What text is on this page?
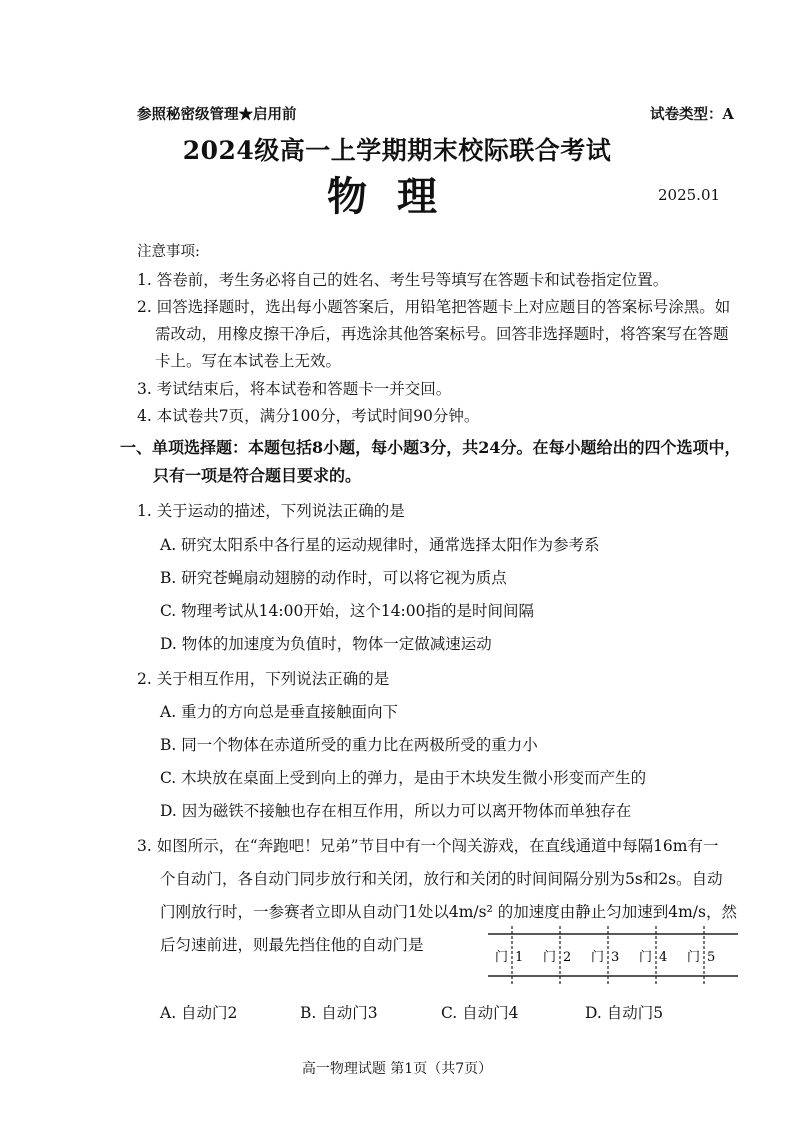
参照秘密级管理★启用前	试卷类型：A
2024级高一上学期期末校际联合考试
物理	2025.01
注意事项:
1. 答卷前，考生务必将自己的姓名、考生号等填写在答题卡和试卷指定位置。
2. 回答选择题时，选出每小题答案后，用铅笔把答题卡上对应题目的答案标号涂黑。如
需改动，用橡皮擦干净后，再选涂其他答案标号。回答非选择题时，将答案写在答题
卡上。写在本试卷上无效。
3. 考试结束后，将本试卷和答题卡一并交回。
4. 本试卷共7页，满分100分，考试时间90分钟。
一、单项选择题：本题包括8小题，每小题3分，共24分。在每小题给出的四个选项中，
只有一项是符合题目要求的。
1. 关于运动的描述，下列说法正确的是
A. 研究太阳系中各行星的运动规律时，通常选择太阳作为参考系
B. 研究苍蝇扇动翅膀的动作时，可以将它视为质点
C. 物理考试从14:00开始，这个14:00指的是时间间隔
D. 物体的加速度为负值时，物体一定做减速运动
2. 关于相互作用，下列说法正确的是
A. 重力的方向总是垂直接触面向下
B. 同一个物体在赤道所受的重力比在两极所受的重力小
C. 木块放在桌面上受到向上的弹力，是由于木块发生微小形变而产生的
D. 因为磁铁不接触也存在相互作用，所以力可以离开物体而单独存在
3. 如图所示，在“奔跑吧！兄弟”节目中有一个闯关游戏，在直线通道中每隔16m有一
个自动门，各自动门同步放行和关闭，放行和关闭的时间间隔分别为5s和2s。自动
门刚放行时，一参赛者立即从自动门1处以4m/s² 的加速度由静止匀加速到4m/s，然
后匀速前进，则最先挡住他的自动门是
门 1 门 2 门 3 门 4 门 5
A. 自动门2	B. 自动门3	C. 自动门4	D. 自动门5
高一物理试题 第1页（共7页）
